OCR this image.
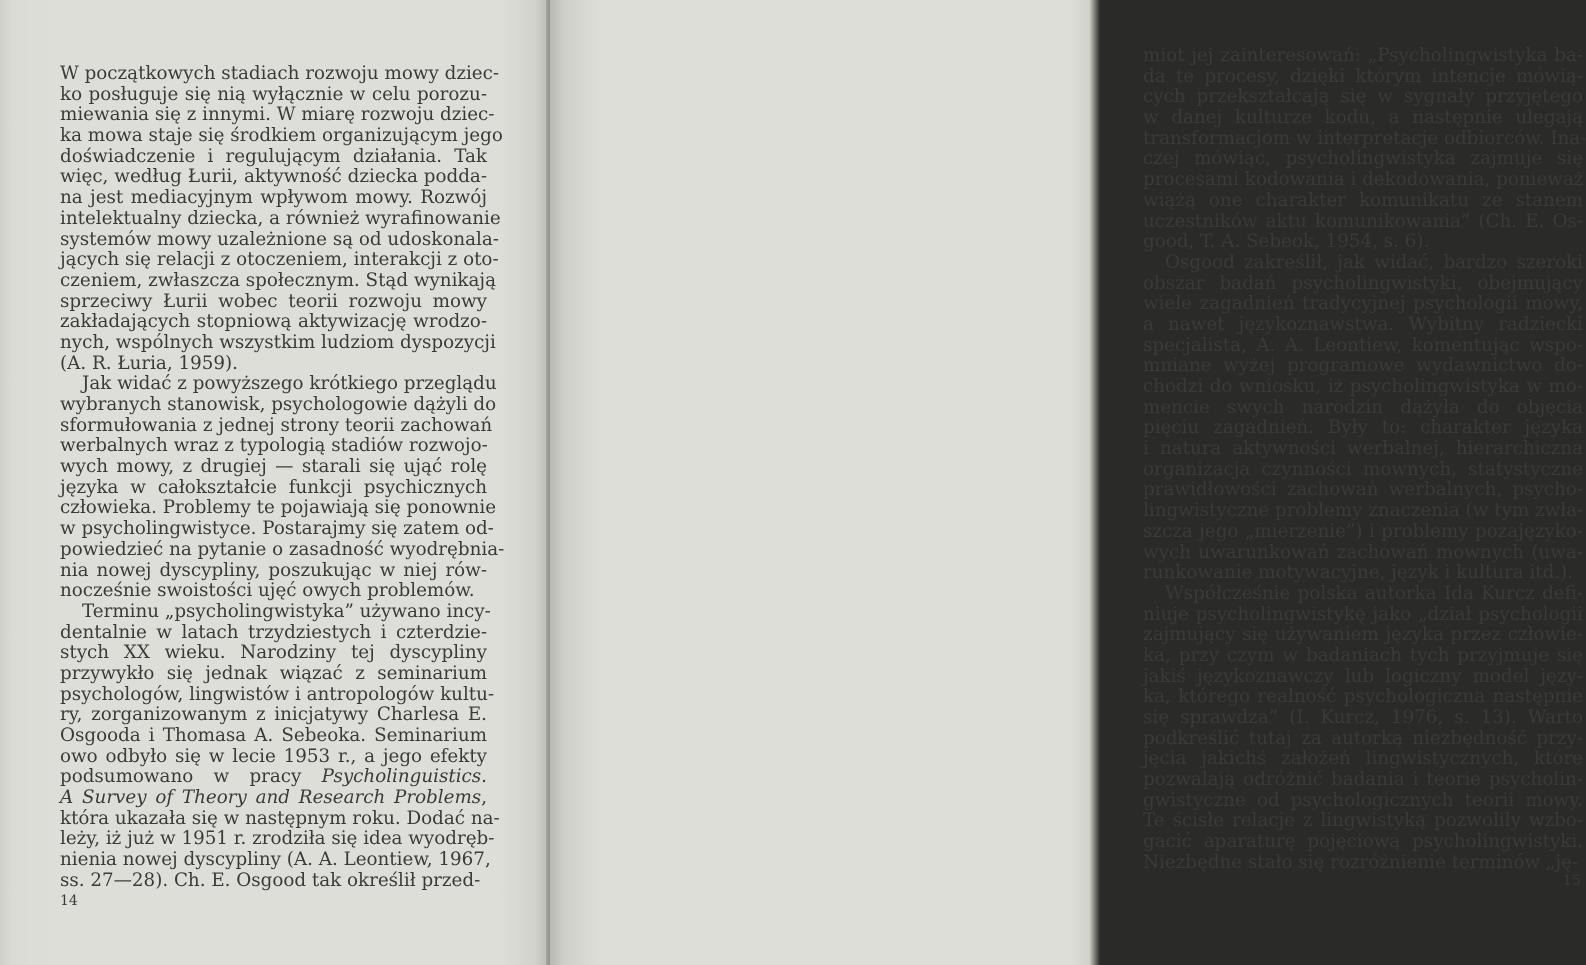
W początkowych stadiach rozwoju mowy dziec-
ko posługuje się nią wyłącznie w celu porozu-
miewania się z innymi. W miarę rozwoju dziec-
ka mowa staje się środkiem organizującym jego
doświadczenie i regulującym działania. Tak
więc, według Łurii, aktywność dziecka podda-
na jest mediacyjnym wpływom mowy. Rozwój
intelektualny dziecka, a również wyrafinowanie
systemów mowy uzależnione są od udoskonala-
jących się relacji z otoczeniem, interakcji z oto-
czeniem, zwłaszcza społecznym. Stąd wynikają
sprzeciwy Łurii wobec teorii rozwoju mowy
zakładających stopniową aktywizację wrodzo-
nych, wspólnych wszystkim ludziom dyspozycji
(A. R. Łuria, 1959).
Jak widać z powyższego krótkiego przeglądu
wybranych stanowisk, psychologowie dążyli do
sformułowania z jednej strony teorii zachowań
werbalnych wraz z typologią stadiów rozwojo-
wych mowy, z drugiej — starali się ująć rolę
języka w całokształcie funkcji psychicznych
człowieka. Problemy te pojawiają się ponownie
w psycholingwistyce. Postarajmy się zatem od-
powiedzieć na pytanie o zasadność wyodrębnia-
nia nowej dyscypliny, poszukując w niej rów-
nocześnie swoistości ujęć owych problemów.
Terminu „psycholingwistyka” używano incy-
dentalnie w latach trzydziestych i czterdzie-
stych XX wieku. Narodziny tej dyscypliny
przywykło się jednak wiązać z seminarium
psychologów, lingwistów i antropologów kultu-
ry, zorganizowanym z inicjatywy Charlesa E.
Osgooda i Thomasa A. Sebeoka. Seminarium
owo odbyło się w lecie 1953 r., a jego efekty
podsumowano w pracy Psycholinguistics.
A Survey of Theory and Research Problems,
która ukazała się w następnym roku. Dodać na-
leży, iż już w 1951 r. zrodziła się idea wyodręb-
nienia nowej dyscypliny (A. A. Leontiew, 1967,
ss. 27—28). Ch. E. Osgood tak określił przed-
14
miot jej zainteresowań: „Psycholingwistyka ba-
da te procesy, dzięki którym intencje mówią-
cych przekształcają się w sygnały przyjętego
w danej kulturze kodu, a następnie ulegają
transformacjom w interpretacje odbiorców. Ina-
czej mówiąc, psycholingwistyka zajmuje się
procesami kodowania i dekodowania, ponieważ
wiążą one charakter komunikatu ze stanem
uczestników aktu komunikowania” (Ch. E. Os-
good, T. A. Sebeok, 1954, s. 6).
Osgood zakreślił, jak widać, bardzo szeroki
obszar badań psycholingwistyki, obejmujący
wiele zagadnień tradycyjnej psychologii mowy,
a nawet językoznawstwa. Wybitny radziecki
specjalista, A. A. Leontiew, komentując wspo-
mniane wyżej programowe wydawnictwo do-
chodzi do wniosku, iż psycholingwistyka w mo-
mencie swych narodzin dążyła do objęcia
pięciu zagadnień. Były to: charakter języka
i natura aktywności werbalnej, hierarchiczna
organizacja czynności mownych, statystyczne
prawidłowości zachowań werbalnych, psycho-
lingwistyczne problemy znaczenia (w tym zwła-
szcza jego „mierzenie”) i problemy pozajęzyko-
wych uwarunkowań zachowań mownych (uwa-
runkowanie motywacyjne, język i kultura itd.).
Współcześnie polska autorka Ida Kurcz defi-
niuje psycholingwistykę jako „dział psychologii
zajmujący się używaniem języka przez człowie-
ka, przy czym w badaniach tych przyjmuje się
jakiś językoznawczy lub logiczny model języ-
ka, którego realność psychologiczna następnie
się sprawdza” (I. Kurcz, 1976, s. 13). Warto
podkreślić tutaj za autorką niezbędność przy-
jęcia jakichś założeń lingwistycznych, które
pozwalają odróżnić badania i teorie psycholin-
gwistyczne od psychologicznych teorii mowy.
Te ścisłe relacje z lingwistyką pozwoliły wzbo-
gacić aparaturę pojęciową psycholingwistyki.
Niezbędne stało się rozróżnienie terminów „ję-
15
